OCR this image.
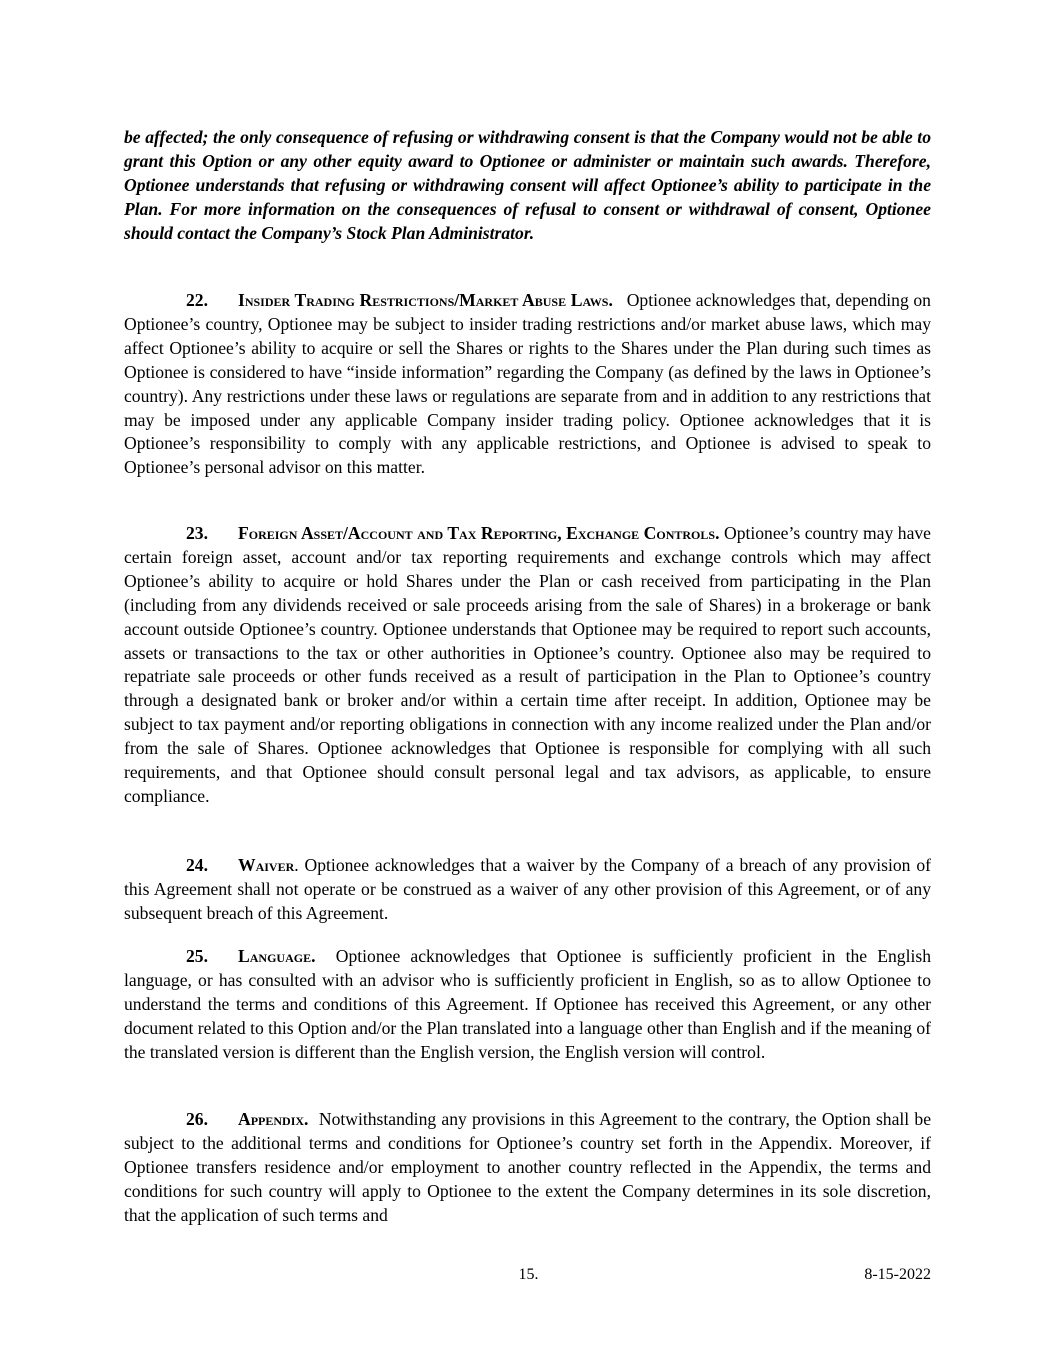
be affected; the only consequence of refusing or withdrawing consent is that the Company would not be able to grant this Option or any other equity award to Optionee or administer or maintain such awards. Therefore, Optionee understands that refusing or withdrawing consent will affect Optionee’s ability to participate in the Plan. For more information on the consequences of refusal to consent or withdrawal of consent, Optionee should contact the Company’s Stock Plan Administrator.

22. Insider Trading Restrictions/Market Abuse Laws. Optionee acknowledges that, depending on Optionee’s country, Optionee may be subject to insider trading restrictions and/or market abuse laws, which may affect Optionee’s ability to acquire or sell the Shares or rights to the Shares under the Plan during such times as Optionee is considered to have “inside information” regarding the Company (as defined by the laws in Optionee’s country). Any restrictions under these laws or regulations are separate from and in addition to any restrictions that may be imposed under any applicable Company insider trading policy. Optionee acknowledges that it is Optionee’s responsibility to comply with any applicable restrictions, and Optionee is advised to speak to Optionee’s personal advisor on this matter.

23. Foreign Asset/Account and Tax Reporting, Exchange Controls. Optionee’s country may have certain foreign asset, account and/or tax reporting requirements and exchange controls which may affect Optionee’s ability to acquire or hold Shares under the Plan or cash received from participating in the Plan (including from any dividends received or sale proceeds arising from the sale of Shares) in a brokerage or bank account outside Optionee’s country. Optionee understands that Optionee may be required to report such accounts, assets or transactions to the tax or other authorities in Optionee’s country. Optionee also may be required to repatriate sale proceeds or other funds received as a result of participation in the Plan to Optionee’s country through a designated bank or broker and/or within a certain time after receipt. In addition, Optionee may be subject to tax payment and/or reporting obligations in connection with any income realized under the Plan and/or from the sale of Shares. Optionee acknowledges that Optionee is responsible for complying with all such requirements, and that Optionee should consult personal legal and tax advisors, as applicable, to ensure compliance.

24. Waiver. Optionee acknowledges that a waiver by the Company of a breach of any provision of this Agreement shall not operate or be construed as a waiver of any other provision of this Agreement, or of any subsequent breach of this Agreement.

25. Language. Optionee acknowledges that Optionee is sufficiently proficient in the English language, or has consulted with an advisor who is sufficiently proficient in English, so as to allow Optionee to understand the terms and conditions of this Agreement. If Optionee has received this Agreement, or any other document related to this Option and/or the Plan translated into a language other than English and if the meaning of the translated version is different than the English version, the English version will control.

26. Appendix. Notwithstanding any provisions in this Agreement to the contrary, the Option shall be subject to the additional terms and conditions for Optionee’s country set forth in the Appendix. Moreover, if Optionee transfers residence and/or employment to another country reflected in the Appendix, the terms and conditions for such country will apply to Optionee to the extent the Company determines in its sole discretion, that the application of such terms and

15.	8-15-2022
